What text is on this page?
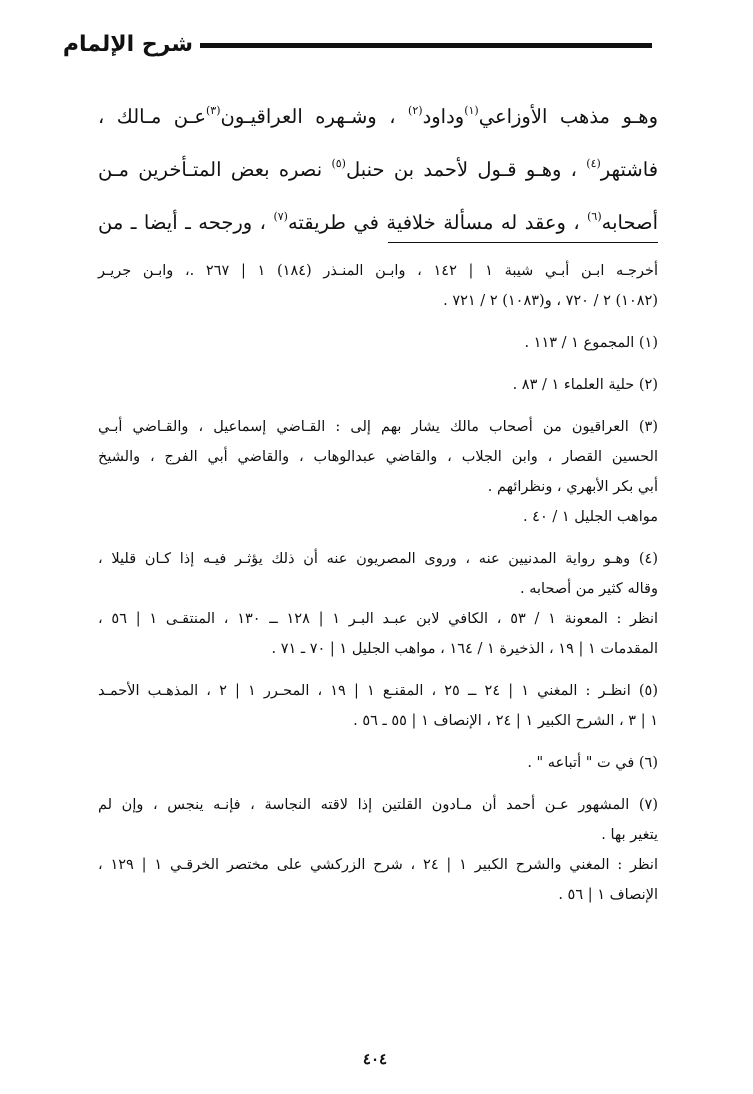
شرح الإلمام
وهـو مذهب الأوزاعي$^{(١)}$وداود$^{(٢)}$ ، وشـهره العراقيـون$^{(٣)}$عـن مـالك ،
فاشتهر$^{(٤)}$ ، وهـو قـول لأحمد بن حنبل$^{(٥)}$ نصره بعض المتـأخرين مـن
أصحابه$^{(٦)}$ ، وعقد له مسألة خلافية في طريقته$^{(٧)}$ ، ورجحه ـ أيضا ـ من
أخرجـه ابـن أبـي شيبة ١ | ١٤٢ ، وابـن المنـذر (١٨٤) ١ | ٢٦٧ .، وابـن جريـر
(١٠٨٢) ٢ / ٧٢٠ ، و(١٠٨٣) ٢ / ٧٢١ .
(١) المجموع ١ / ١١٣ .
(٢) حلية العلماء ١ / ٨٣ .
(٣) العراقيون من أصحاب مالك يشار بهم إلى : القـاضي إسماعيل ، والقـاضي أبـي
الحسين القصار ، وابن الجلاب ، والقاضي عبدالوهاب ، والقاضي أبي الفرج ، والشيخ
أبي بكر الأبهري ، ونظرائهم .
مواهب الجليل ١ / ٤٠ .
(٤) وهـو رواية المدنيين عنه ، وروى المصريون عنه أن ذلك يؤثـر فيـه إذا كـان قليلا ،
وقاله كثير من أصحابه .
انظر : المعونة ١ / ٥٣ ، الكافي لابن عبـد البـر ١ | ١٢٨ ــ ١٣٠ ، المنتقـى ١ | ٥٦ ،
المقدمات ١ | ١٩ ، الذخيرة ١ / ١٦٤ ، مواهب الجليل ١ | ٧٠ ـ ٧١ .
(٥) انظـر : المغني ١ | ٢٤ ــ ٢٥ ، المقنـع ١ | ١٩ ، المحـرر ١ | ٢ ، المذهـب الأحمـد
١ | ٣ ، الشرح الكبير ١ | ٢٤ ، الإنصاف ١ | ٥٥ ـ ٥٦ .
(٦) في ت " أتباعه " .
(٧) المشهور عـن أحمد أن مـادون القلتين إذا لاقته النجاسة ، فإنـه ينجس ، وإن لم
يتغير بها .
انظر : المغني والشرح الكبير ١ | ٢٤ ، شرح الزركشي على مختصر الخرقـي ١ | ١٢٩ ،
الإنصاف ١ | ٥٦ .
٤٠٤
